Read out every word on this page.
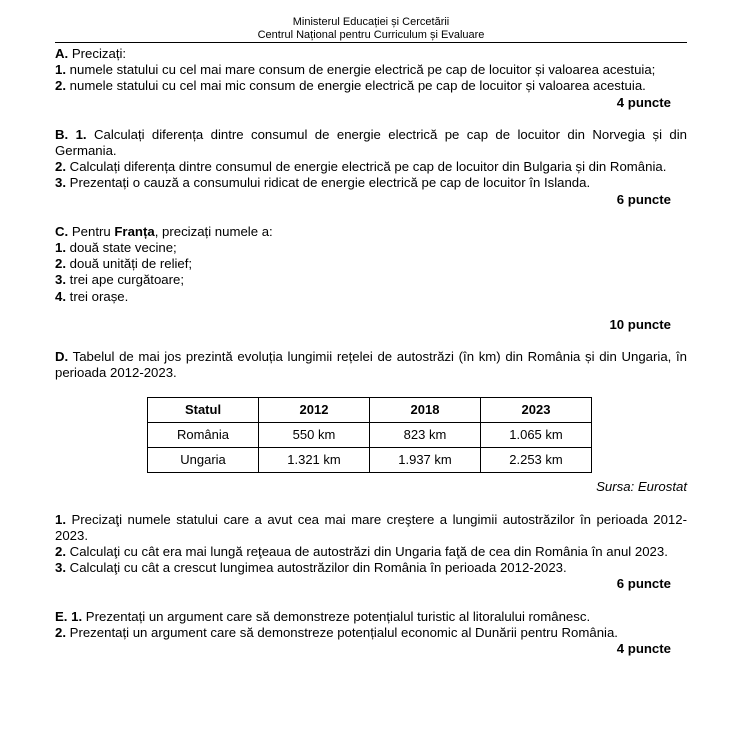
Ministerul Educației și Cercetării
Centrul Național pentru Curriculum și Evaluare

A. Precizați:

1. numele statului cu cel mai mare consum de energie electrică pe cap de locuitor și valoarea acestuia;

2. numele statului cu cel mai mic consum de energie electrică pe cap de locuitor și valoarea acestuia.

4 puncte

B. 1. Calculați diferența dintre consumul de energie electrică pe cap de locuitor din Norvegia și din Germania.

2. Calculați diferența dintre consumul de energie electrică pe cap de locuitor din Bulgaria și din România.

3. Prezentați o cauză a consumului ridicat de energie electrică pe cap de locuitor în Islanda.

6 puncte

C. Pentru Franța, precizați numele a:

1. două state vecine;

2. două unități de relief;

3. trei ape curgătoare;

4. trei orașe.

10 puncte

D. Tabelul de mai jos prezintă evoluția lungimii rețelei de autostrăzi (în km) din România și din Ungaria, în perioada 2012-2023.

Statul	2012	2018	2023
România	550 km	823 km	1.065 km
Ungaria	1.321 km	1.937 km	2.253 km
Sursa: Eurostat

1. Precizaţi numele statului care a avut cea mai mare creştere a lungimii autostrăzilor în perioada 2012-2023.

2. Calculaţi cu cât era mai lungă reţeaua de autostrăzi din Ungaria faţă de cea din România în anul 2023.

3. Calculaţi cu cât a crescut lungimea autostrăzilor din România în perioada 2012-2023.

6 puncte

E. 1. Prezentați un argument care să demonstreze potențialul turistic al litoralului românesc.

2. Prezentați un argument care să demonstreze potențialul economic al Dunării pentru România.

4 puncte
